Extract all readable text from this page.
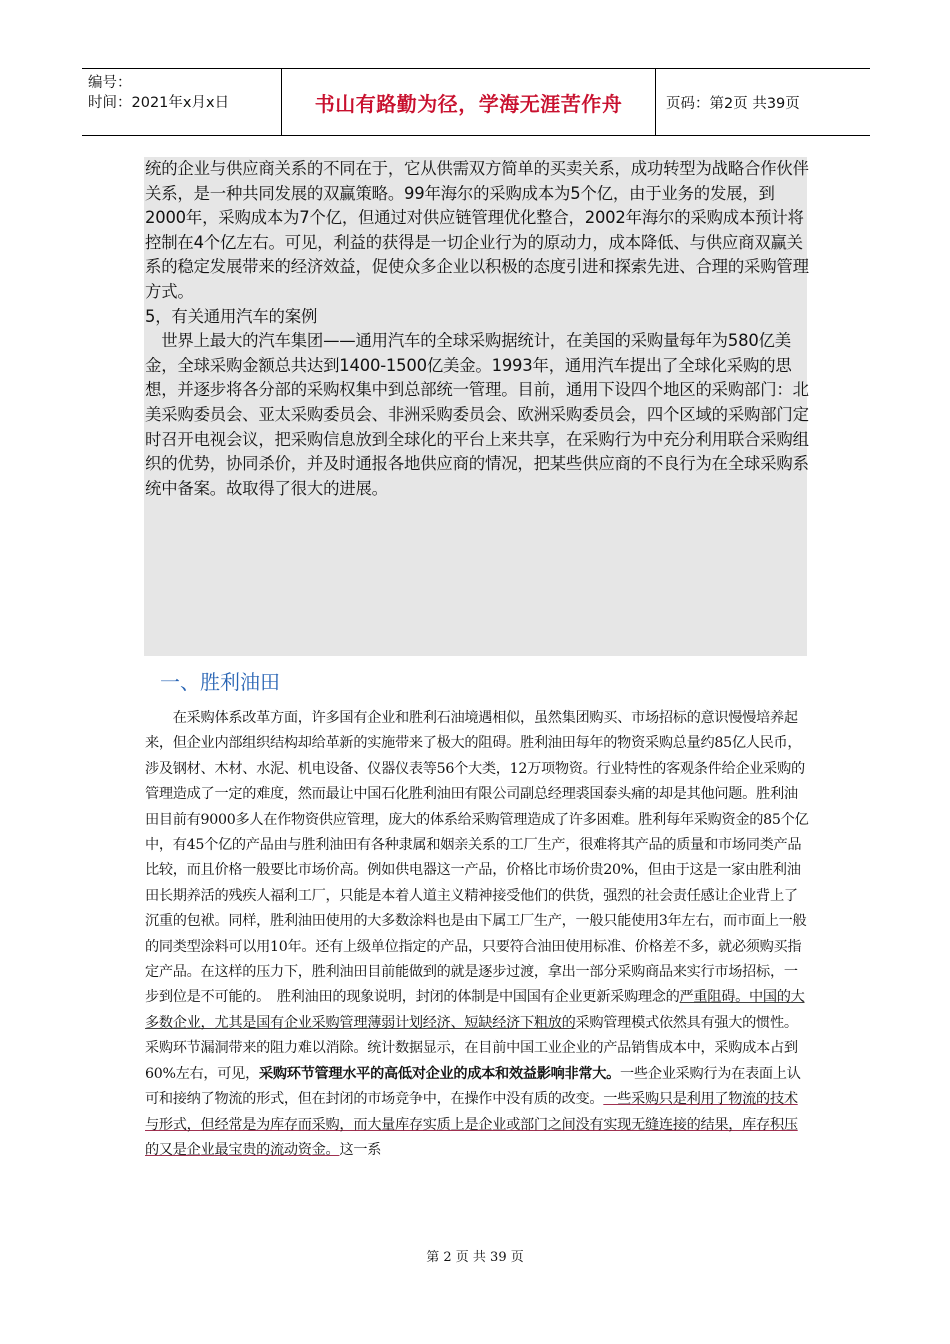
编号：
时间：2021年x月x日	书山有路勤为径，学海无涯苦作舟	页码：第2页 共39页

统的企业与供应商关系的不同在于，它从供需双方简单的买卖关系，成功转型为战略合作伙伴关系，是一种共同发展的双赢策略。99年海尔的采购成本为5个亿，由于业务的发展，到2000年，采购成本为7个亿，但通过对供应链管理优化整合，2002年海尔的采购成本预计将控制在4个亿左右。可见，利益的获得是一切企业行为的原动力，成本降低、与供应商双赢关系的稳定发展带来的经济效益，促使众多企业以积极的态度引进和探索先进、合理的采购管理方式。

5，有关通用汽车的案例

　世界上最大的汽车集团——通用汽车的全球采购据统计，在美国的采购量每年为580亿美金，全球采购金额总共达到1400-1500亿美金。1993年，通用汽车提出了全球化采购的思想，并逐步将各分部的采购权集中到总部统一管理。目前，通用下设四个地区的采购部门：北美采购委员会、亚太采购委员会、非洲采购委员会、欧洲采购委员会，四个区域的采购部门定时召开电视会议，把采购信息放到全球化的平台上来共享，在采购行为中充分利用联合采购组织的优势，协同杀价，并及时通报各地供应商的情况，把某些供应商的不良行为在全球采购系统中备案。故取得了很大的进展。

一、胜利油田
　　在采购体系改革方面，许多国有企业和胜利石油境遇相似，虽然集团购买、市场招标的意识慢慢培养起来，但企业内部组织结构却给革新的实施带来了极大的阻碍。胜利油田每年的物资采购总量约85亿人民币，涉及钢材、木材、水泥、机电设备、仪器仪表等56个大类，12万项物资。行业特性的客观条件给企业采购的管理造成了一定的难度，然而最让中国石化胜利油田有限公司副总经理裘国泰头痛的却是其他问题。胜利油田目前有9000多人在作物资供应管理，庞大的体系给采购管理造成了许多困难。胜利每年采购资金的85个亿中，有45个亿的产品由与胜利油田有各种隶属和姻亲关系的工厂生产，很难将其产品的质量和市场同类产品比较，而且价格一般要比市场价高。例如供电器这一产品，价格比市场价贵20%，但由于这是一家由胜利油田长期养活的残疾人福利工厂，只能是本着人道主义精神接受他们的供货，强烈的社会责任感让企业背上了沉重的包袱。同样，胜利油田使用的大多数涂料也是由下属工厂生产，一般只能使用3年左右，而市面上一般的同类型涂料可以用10年。还有上级单位指定的产品，只要符合油田使用标准、价格差不多，就必须购买指定产品。在这样的压力下，胜利油田目前能做到的就是逐步过渡，拿出一部分采购商品来实行市场招标，一步到位是不可能的。　胜利油田的现象说明，封闭的体制是中国国有企业更新采购理念的严重阻碍。中国的大多数企业，尤其是国有企业采购管理薄弱计划经济、短缺经济下粗放的采购管理模式依然具有强大的惯性。采购环节漏洞带来的阻力难以消除。统计数据显示，在目前中国工业企业的产品销售成本中，采购成本占到60%左右，可见，采购环节管理水平的高低对企业的成本和效益影响非常大。一些企业采购行为在表面上认可和接纳了物流的形式，但在封闭的市场竞争中，在操作中没有质的改变。一些采购只是利用了物流的技术与形式，但经常是为库存而采购，而大量库存实质上是企业或部门之间没有实现无缝连接的结果，库存积压的又是企业最宝贵的流动资金。这一系
第 2 页 共 39 页
